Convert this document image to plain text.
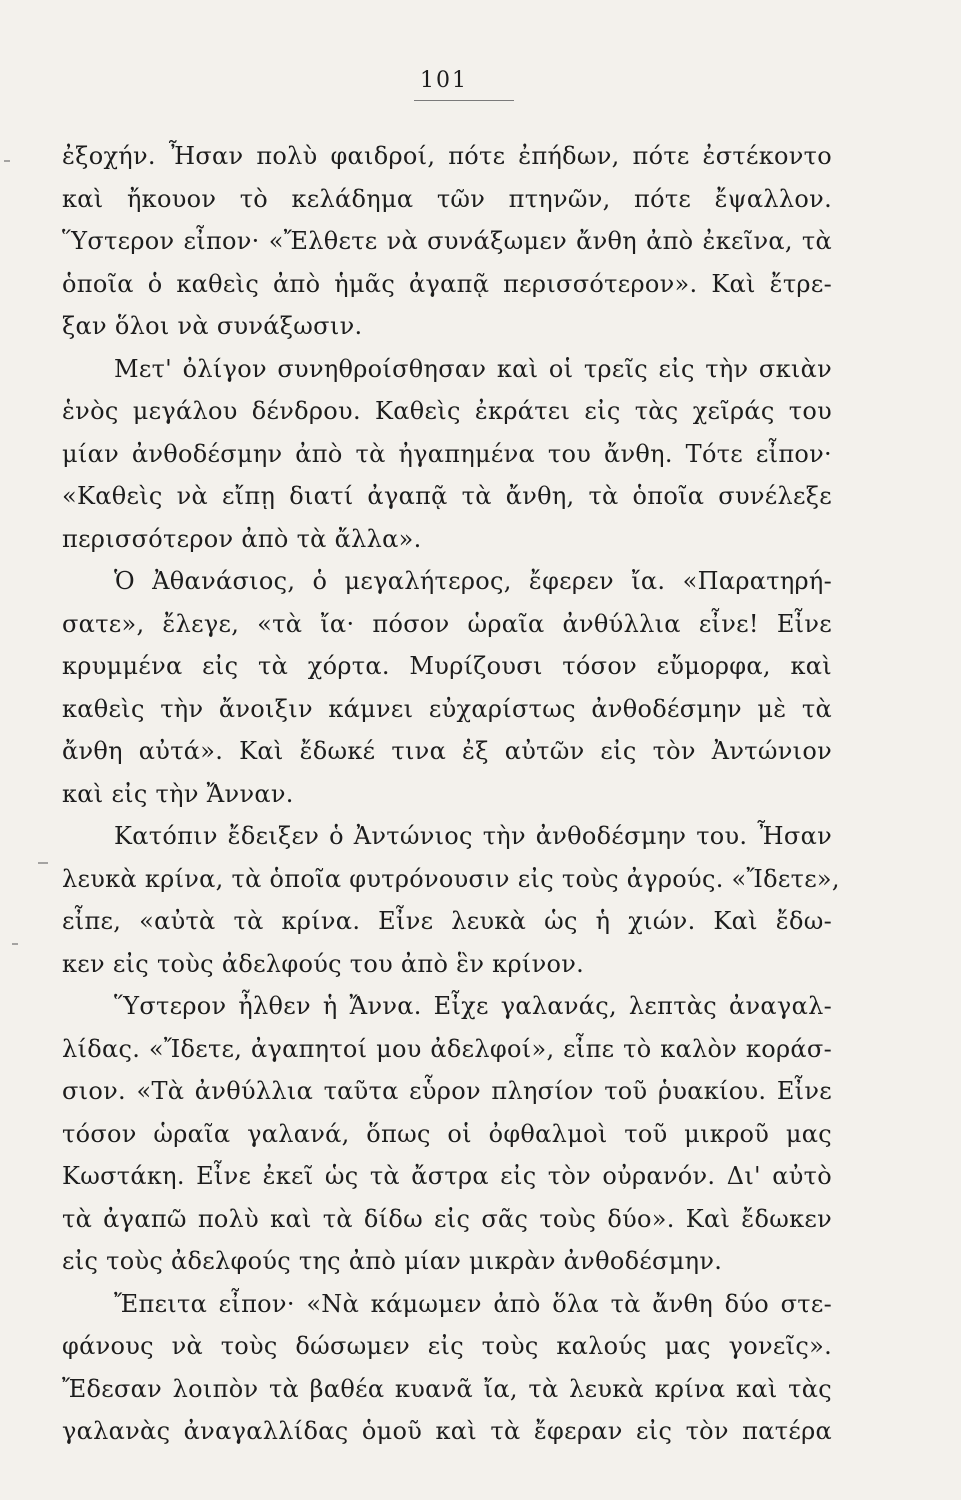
101
ἐξοχήν. Ἦσαν πολὺ φαιδροί, πότε ἐπήδων, πότε ἐστέκοντο
καὶ ἤκουον τὸ κελάδημα τῶν πτηνῶν, πότε ἔψαλλον.
Ὕστερον εἶπον· «Ἔλθετε νὰ συνάξωμεν ἄνθη ἀπὸ ἐκεῖνα, τὰ
ὁποῖα ὁ καθεὶς ἀπὸ ἡμᾶς ἀγαπᾷ περισσότερον». Καὶ ἔτρε-
ξαν ὅλοι νὰ συνάξωσιν.
Μετ' ὀλίγον συνηθροίσθησαν καὶ οἱ τρεῖς εἰς τὴν σκιὰν
ἑνὸς μεγάλου δένδρου. Καθεὶς ἐκράτει εἰς τὰς χεῖράς του
μίαν ἀνθοδέσμην ἀπὸ τὰ ἠγαπημένα του ἄνθη. Τότε εἶπον·
«Καθεὶς νὰ εἴπῃ διατί ἀγαπᾷ τὰ ἄνθη, τὰ ὁποῖα συνέλεξε
περισσότερον ἀπὸ τὰ ἄλλα».
Ὁ Ἀθανάσιος, ὁ μεγαλήτερος, ἔφερεν ἴα. «Παρατηρή-
σατε», ἔλεγε, «τὰ ἴα· πόσον ὡραῖα ἀνθύλλια εἶνε! Εἶνε
κρυμμένα εἰς τὰ χόρτα. Μυρίζουσι τόσον εὔμορφα, καὶ
καθεὶς τὴν ἄνοιξιν κάμνει εὐχαρίστως ἀνθοδέσμην μὲ τὰ
ἄνθη αὐτά». Καὶ ἔδωκέ τινα ἐξ αὐτῶν εἰς τὸν Ἀντώνιον
καὶ εἰς τὴν Ἄνναν.
Κατόπιν ἔδειξεν ὁ Ἀντώνιος τὴν ἀνθοδέσμην του. Ἦσαν
λευκὰ κρίνα, τὰ ὁποῖα φυτρόνουσιν εἰς τοὺς ἀγρούς. «Ἴδετε»,
εἶπε, «αὐτὰ τὰ κρίνα. Εἶνε λευκὰ ὡς ἡ χιών. Καὶ ἔδω-
κεν εἰς τοὺς ἀδελφούς του ἀπὸ ἓν κρίνον.
Ὕστερον ἦλθεν ἡ Ἄννα. Εἶχε γαλανάς, λεπτὰς ἀναγαλ-
λίδας. «Ἴδετε, ἀγαπητοί μου ἀδελφοί», εἶπε τὸ καλὸν κοράσ-
σιον. «Τὰ ἀνθύλλια ταῦτα εὗρον πλησίον τοῦ ῥυακίου. Εἶνε
τόσον ὡραῖα γαλανά, ὅπως οἱ ὀφθαλμοὶ τοῦ μικροῦ μας
Κωστάκη. Εἶνε ἐκεῖ ὡς τὰ ἄστρα εἰς τὸν οὐρανόν. Δι' αὐτὸ
τὰ ἀγαπῶ πολὺ καὶ τὰ δίδω εἰς σᾶς τοὺς δύο». Καὶ ἔδωκεν
εἰς τοὺς ἀδελφούς της ἀπὸ μίαν μικρὰν ἀνθοδέσμην.
Ἔπειτα εἶπον· «Νὰ κάμωμεν ἀπὸ ὅλα τὰ ἄνθη δύο στε-
φάνους νὰ τοὺς δώσωμεν εἰς τοὺς καλούς μας γονεῖς».
Ἔδεσαν λοιπὸν τὰ βαθέα κυανᾶ ἴα, τὰ λευκὰ κρίνα καὶ τὰς
γαλανὰς ἀναγαλλίδας ὁμοῦ καὶ τὰ ἔφεραν εἰς τὸν πατέρα
